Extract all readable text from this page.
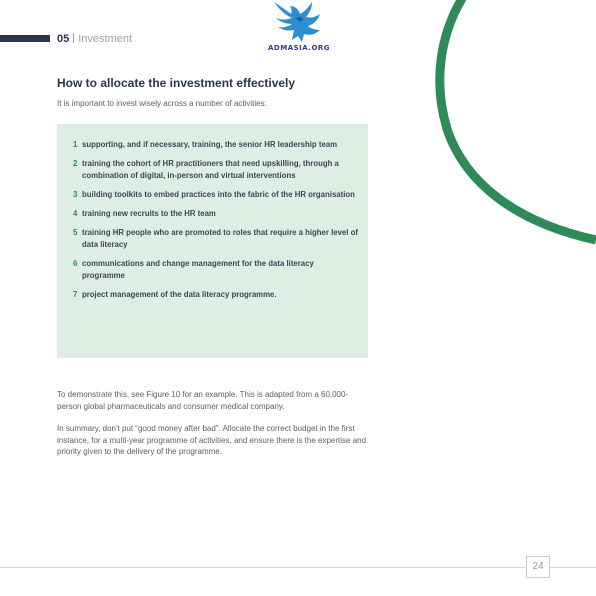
05 Investment
ADMASIA.ORG
How to allocate the investment effectively

It is important to invest wisely across a number of activities:

1 supporting, and if necessary, training, the senior HR leadership team
2 training the cohort of HR practitioners that need upskilling, through a combination of digital, in-person and virtual interventions
3 building toolkits to embed practices into the fabric of the HR organisation
4 training new recruits to the HR team
5 training HR people who are promoted to roles that require a higher level of data literacy
6 communications and change management for the data literacy programme
7 project management of the data literacy programme.

To demonstrate this, see Figure 10 for an example. This is adapted from a 60,000-person global pharmaceuticals and consumer medical company.

In summary, don't put “good money after bad”. Allocate the correct budget in the first instance, for a multi-year programme of activities, and ensure there is the expertise and priority given to the delivery of the programme.

24
